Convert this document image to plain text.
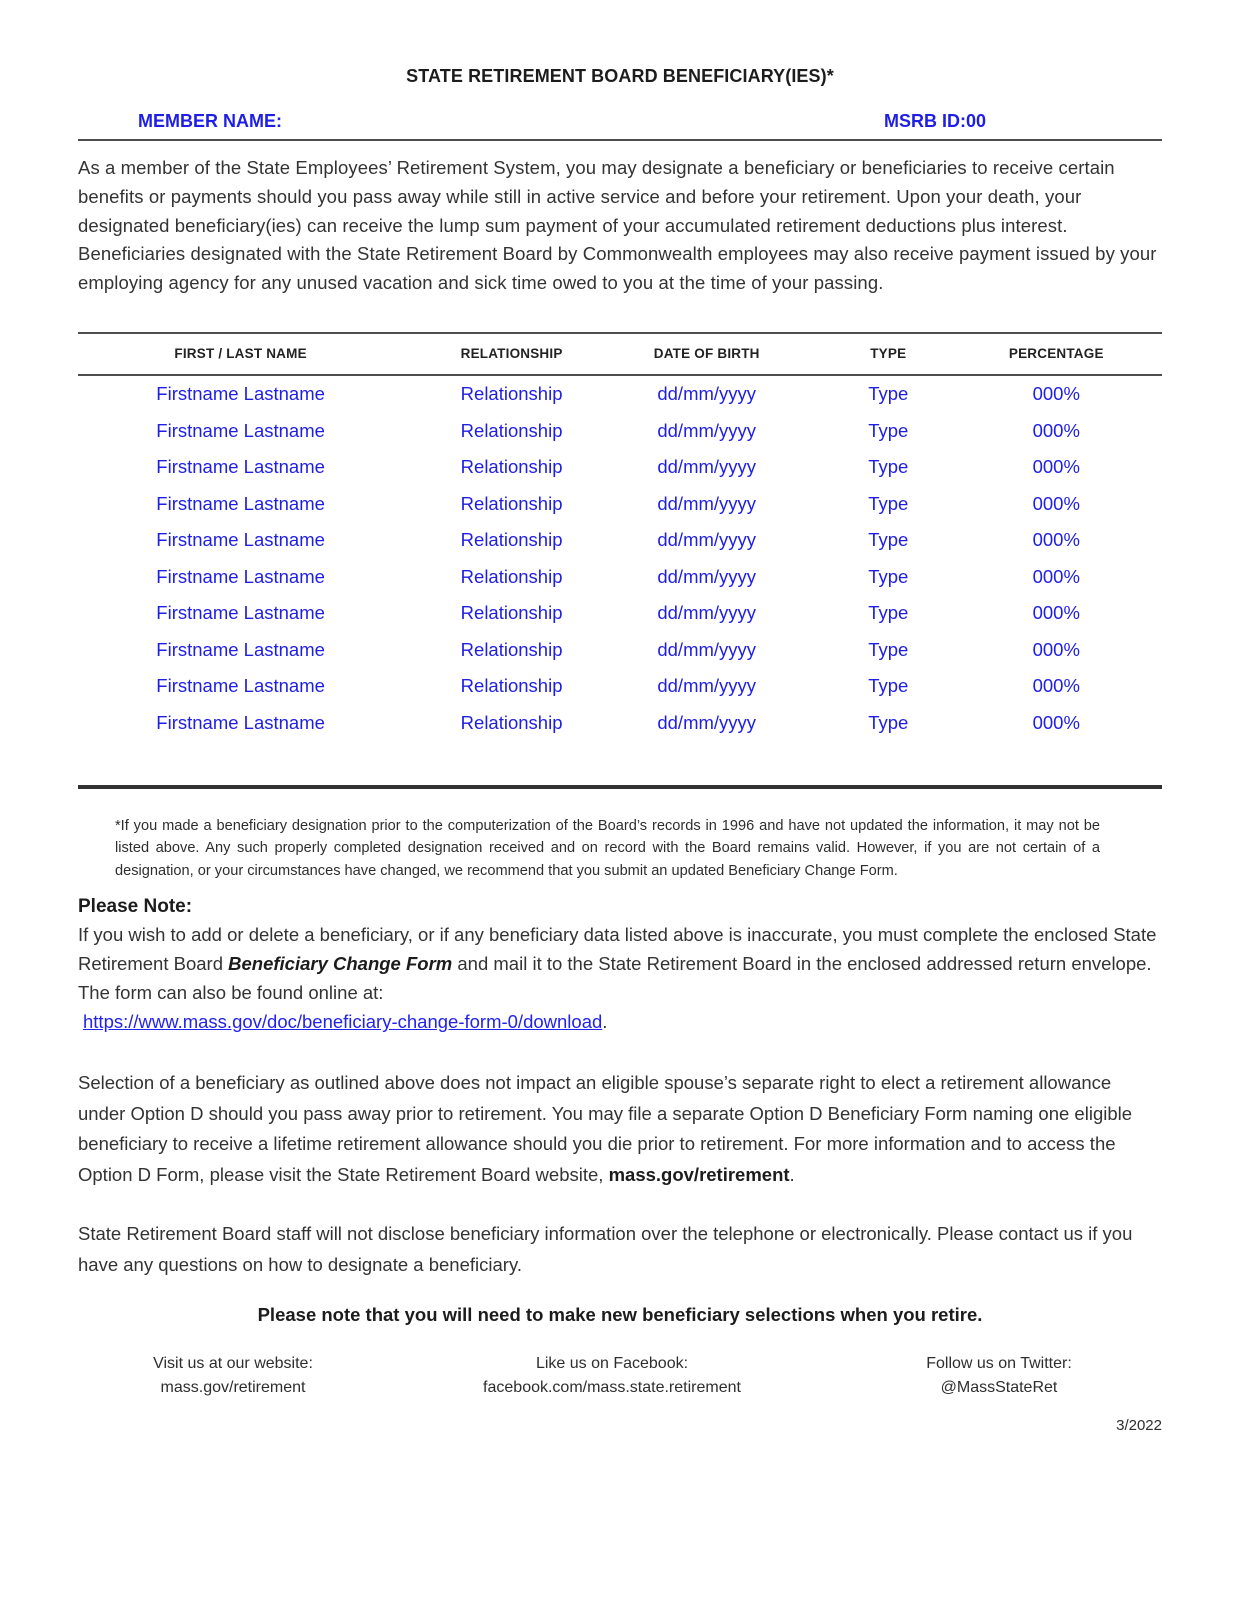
STATE RETIREMENT BOARD BENEFICIARY(IES)*
MEMBER NAME:	MSRB ID:00

As a member of the State Employees’ Retirement System, you may designate a beneficiary or beneficiaries to receive certain benefits or payments should you pass away while still in active service and before your retirement. Upon your death, your designated beneficiary(ies) can receive the lump sum payment of your accumulated retirement deductions plus interest. Beneficiaries designated with the State Retirement Board by Commonwealth employees may also receive payment issued by your employing agency for any unused vacation and sick time owed to you at the time of your passing.

FIRST / LAST NAME	RELATIONSHIP	DATE OF BIRTH	TYPE	PERCENTAGE
Firstname Lastname	Relationship	dd/mm/yyyy	Type	000%
Firstname Lastname	Relationship	dd/mm/yyyy	Type	000%
Firstname Lastname	Relationship	dd/mm/yyyy	Type	000%
Firstname Lastname	Relationship	dd/mm/yyyy	Type	000%
Firstname Lastname	Relationship	dd/mm/yyyy	Type	000%
Firstname Lastname	Relationship	dd/mm/yyyy	Type	000%
Firstname Lastname	Relationship	dd/mm/yyyy	Type	000%
Firstname Lastname	Relationship	dd/mm/yyyy	Type	000%
Firstname Lastname	Relationship	dd/mm/yyyy	Type	000%
Firstname Lastname	Relationship	dd/mm/yyyy	Type	000%

*If you made a beneficiary designation prior to the computerization of the Board’s records in 1996 and have not updated the information, it may not be listed above. Any such properly completed designation received and on record with the Board remains valid. However, if you are not certain of a designation, or your circumstances have changed, we recommend that you submit an updated Beneficiary Change Form.

Please Note:

If you wish to add or delete a beneficiary, or if any beneficiary data listed above is inaccurate, you must complete the enclosed State Retirement Board Beneficiary Change Form and mail it to the State Retirement Board in the enclosed addressed return envelope. The form can also be found online at:

https://www.mass.gov/doc/beneficiary-change-form-0/download.

Selection of a beneficiary as outlined above does not impact an eligible spouse’s separate right to elect a retirement allowance under Option D should you pass away prior to retirement. You may file a separate Option D Beneficiary Form naming one eligible beneficiary to receive a lifetime retirement allowance should you die prior to retirement. For more information and to access the Option D Form, please visit the State Retirement Board website, mass.gov/retirement.

State Retirement Board staff will not disclose beneficiary information over the telephone or electronically. Please contact us if you have any questions on how to designate a beneficiary.

Please note that you will need to make new beneficiary selections when you retire.

Visit us at our website:
mass.gov/retirement
Like us on Facebook:
facebook.com/mass.state.retirement
Follow us on Twitter:
@MassStateRet
3/2022
